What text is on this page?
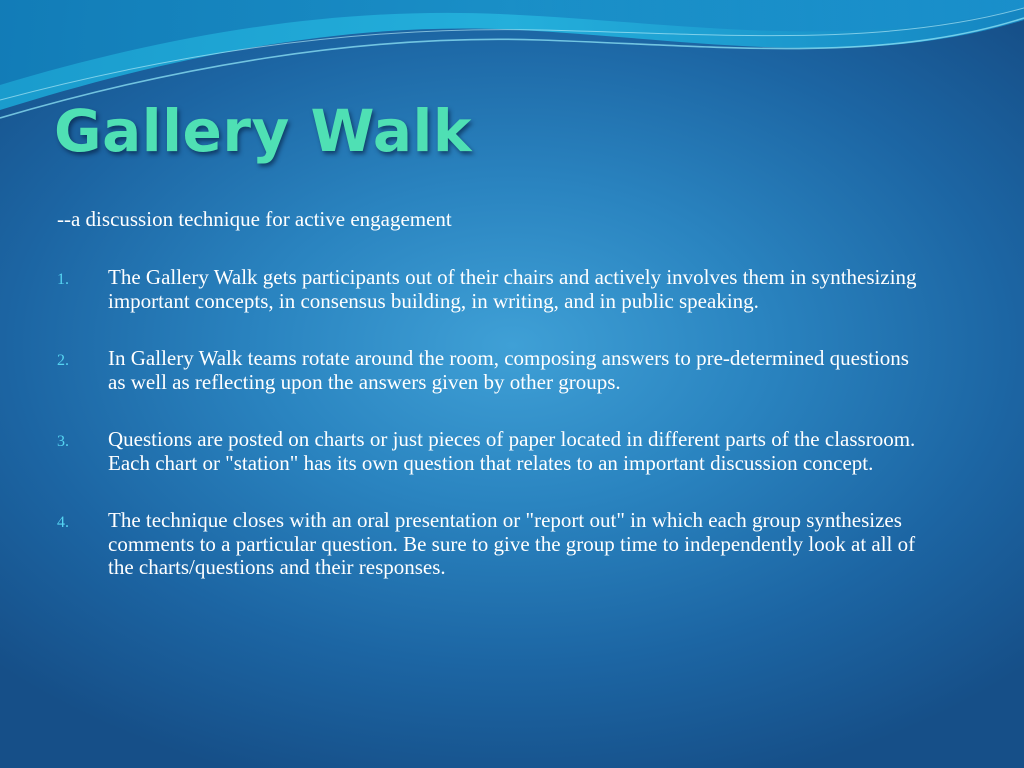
Gallery Walk

--a discussion technique for active engagement

1.	The Gallery Walk gets participants out of their chairs and actively involves them in synthesizing important concepts, in consensus building, in writing, and in public speaking.
2.	In Gallery Walk teams rotate around the room, composing answers to pre-determined questions as well as reflecting upon the answers given by other groups.
3.	Questions are posted on charts or just pieces of paper located in different parts of the classroom. Each chart or "station" has its own question that relates to an important discussion concept.
4.	The technique closes with an oral presentation or "report out" in which each group synthesizes comments to a particular question. Be sure to give the group time to independently look at all of the charts/questions and their responses.
